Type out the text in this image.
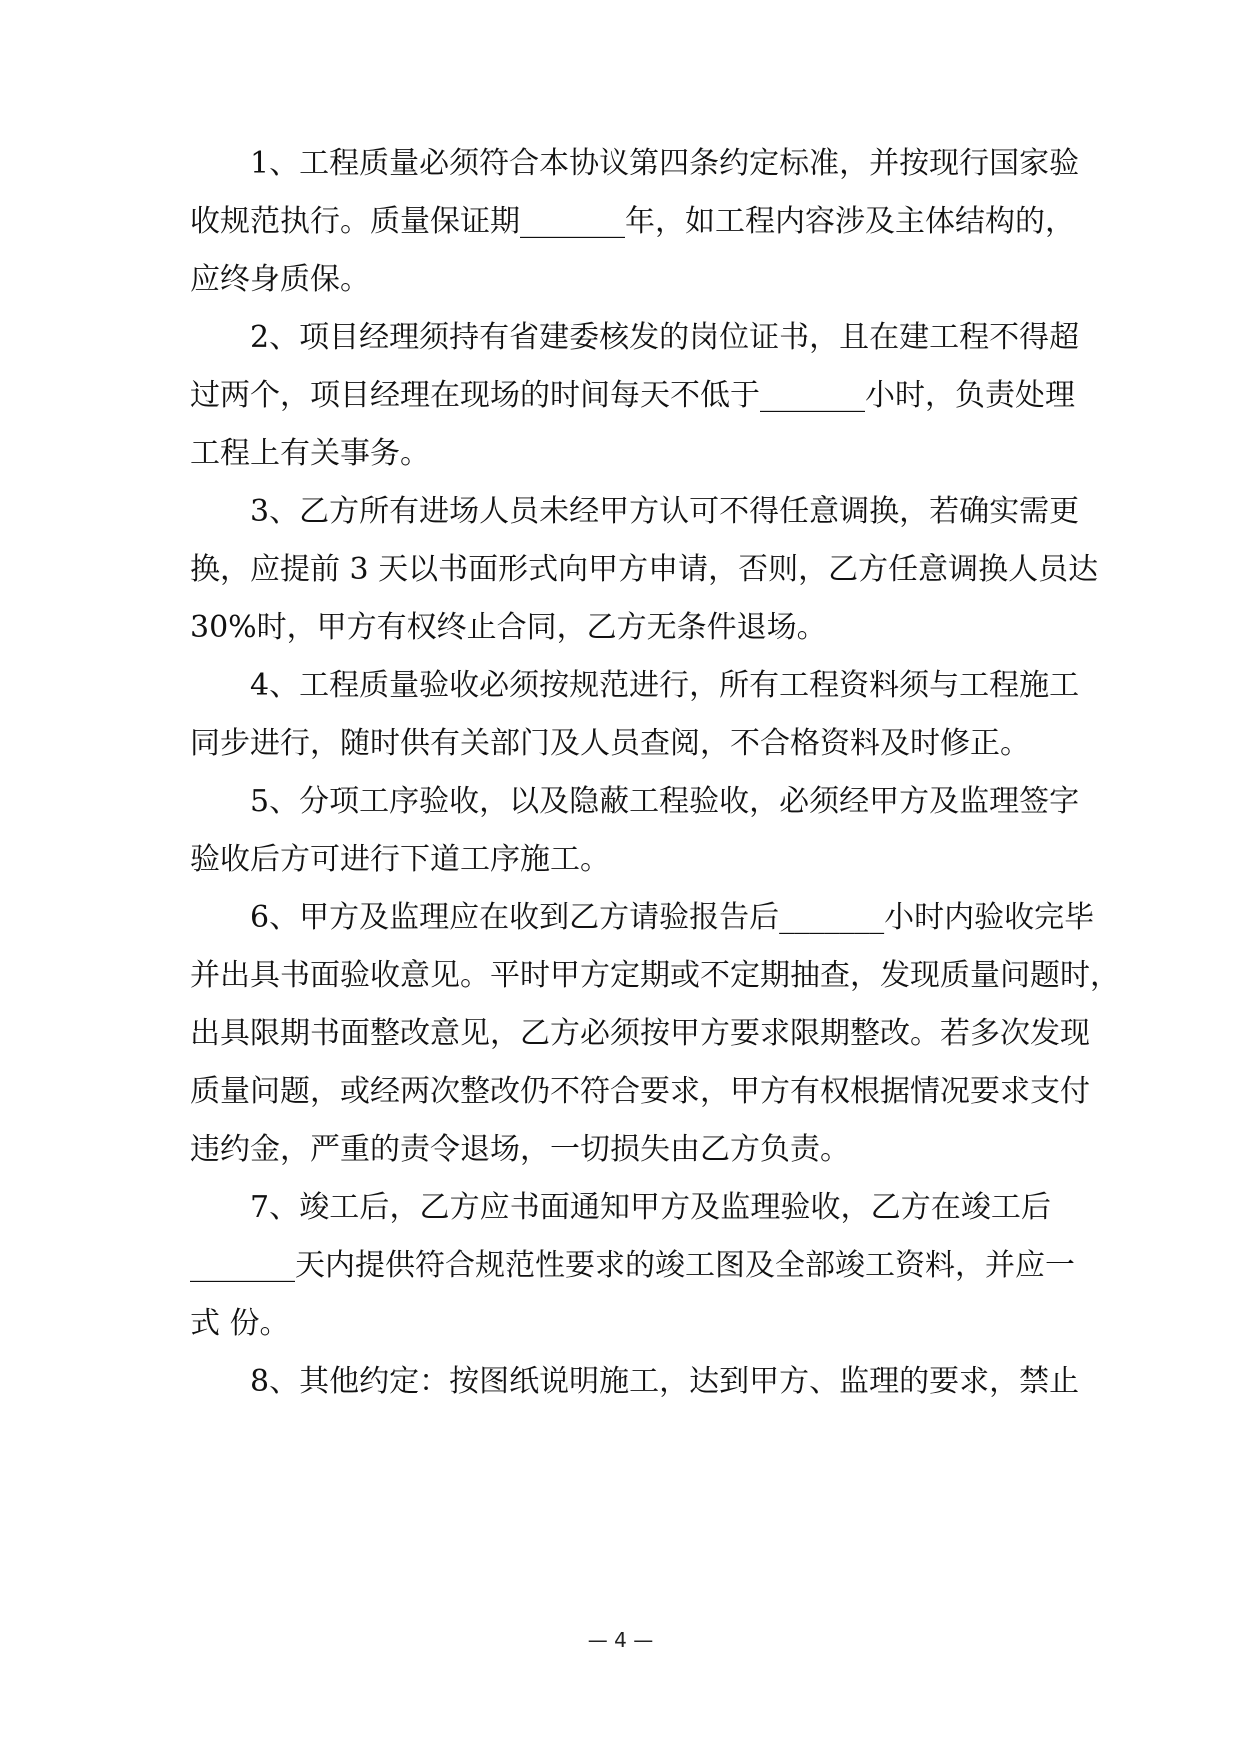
1、工程质量必须符合本协议第四条约定标准，并按现行国家验
收规范执行。质量保证期_______年，如工程内容涉及主体结构的，
应终身质保。
2、项目经理须持有省建委核发的岗位证书，且在建工程不得超
过两个，项目经理在现场的时间每天不低于_______小时，负责处理
工程上有关事务。
3、乙方所有进场人员未经甲方认可不得任意调换，若确实需更
换，应提前 3 天以书面形式向甲方申请，否则，乙方任意调换人员达
30%时，甲方有权终止合同，乙方无条件退场。
4、工程质量验收必须按规范进行，所有工程资料须与工程施工
同步进行，随时供有关部门及人员查阅，不合格资料及时修正。
5、分项工序验收，以及隐蔽工程验收，必须经甲方及监理签字
验收后方可进行下道工序施工。
6、甲方及监理应在收到乙方请验报告后_______小时内验收完毕
并出具书面验收意见。平时甲方定期或不定期抽查，发现质量问题时，
出具限期书面整改意见，乙方必须按甲方要求限期整改。若多次发现
质量问题，或经两次整改仍不符合要求，甲方有权根据情况要求支付
违约金，严重的责令退场，一切损失由乙方负责。
7、竣工后，乙方应书面通知甲方及监理验收，乙方在竣工后
_______天内提供符合规范性要求的竣工图及全部竣工资料，并应一
式 份。
8、其他约定：按图纸说明施工，达到甲方、监理的要求，禁止
— 4 —
